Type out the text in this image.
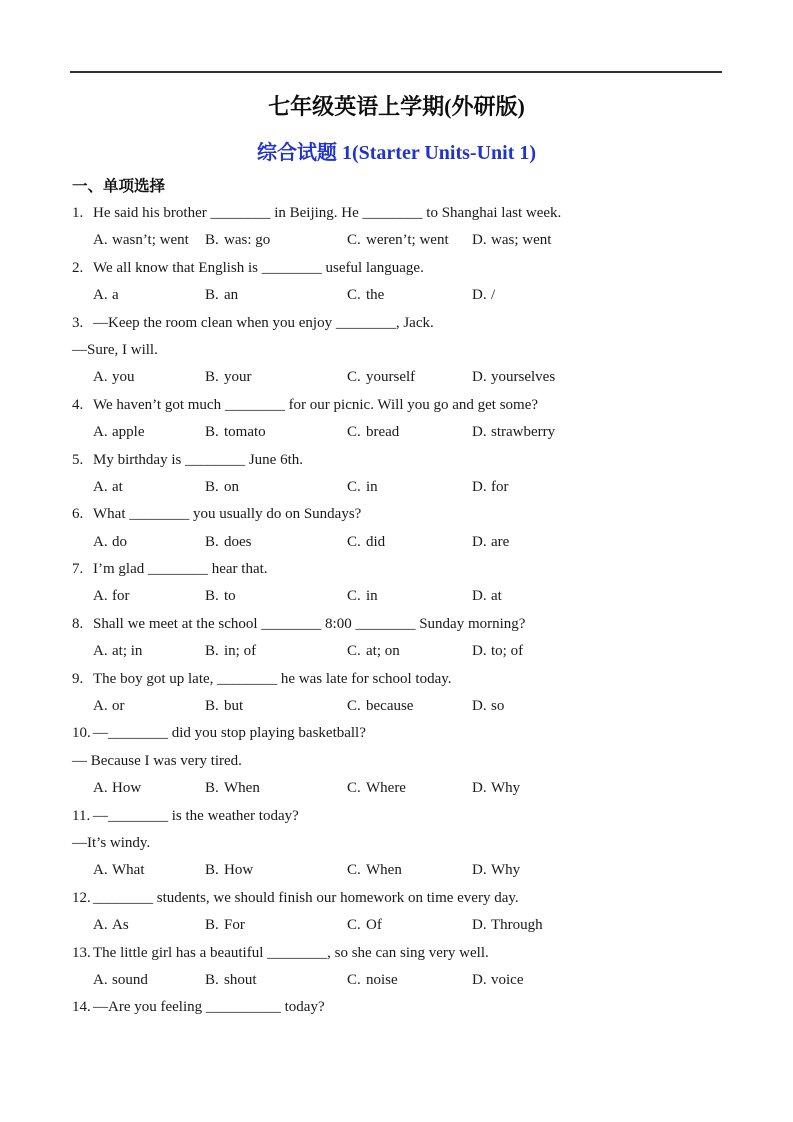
七年级英语上学期(外研版)
综合试题 1(Starter Units-Unit 1)
一、单项选择
1. He said his brother ________ in Beijing. He ________ to Shanghai last week.
A. wasn’t; went	B. was: go	C. weren’t; went	D. was; went
2. We all know that English is ________ useful language.
A. a	B. an	C. the	D. /
3. —Keep the room clean when you enjoy ________, Jack.
—Sure, I will.
A. you	B. your	C. yourself	D. yourselves
4. We haven’t got much ________ for our picnic. Will you go and get some?
A. apple	B. tomato	C. bread	D. strawberry
5. My birthday is ________ June 6th.
A. at	B. on	C. in	D. for
6. What ________ you usually do on Sundays?
A. do	B. does	C. did	D. are
7. I’m glad ________ hear that.
A. for	B. to	C. in	D. at
8. Shall we meet at the school ________ 8:00 ________ Sunday morning?
A. at; in	B. in; of	C. at; on	D. to; of
9. The boy got up late, ________ he was late for school today.
A. or	B. but	C. because	D. so
10. —________ did you stop playing basketball?
— Because I was very tired.
A. How	B. When	C. Where	D. Why
11. —________ is the weather today?
—It’s windy.
A. What	B. How	C. When	D. Why
12. ________ students, we should finish our homework on time every day.
A. As	B. For	C. Of	D. Through
13. The little girl has a beautiful ________, so she can sing very well.
A. sound	B. shout	C. noise	D. voice
14. —Are you feeling __________ today?
